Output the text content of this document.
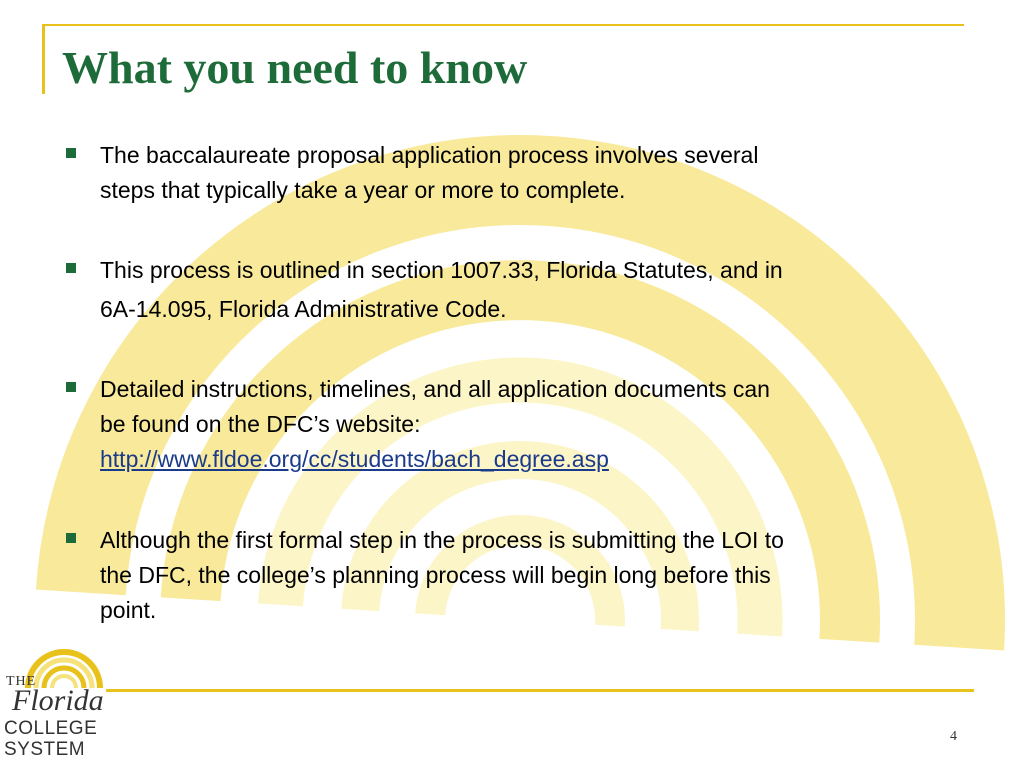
What you need to know
The baccalaureate proposal application process involves several
steps that typically take a year or more to complete.
This process is outlined in section 1007.33, Florida Statutes, and in
6A-14.095, Florida Administrative Code.
Detailed instructions, timelines, and all application documents can
be found on the DFC’s website:
http://www.fldoe.org/cc/students/bach_degree.asp
Although the first formal step in the process is submitting the LOI to
the DFC, the college’s planning process will begin long before this
point.
THE
Florida
COLLEGE
SYSTEM
4
